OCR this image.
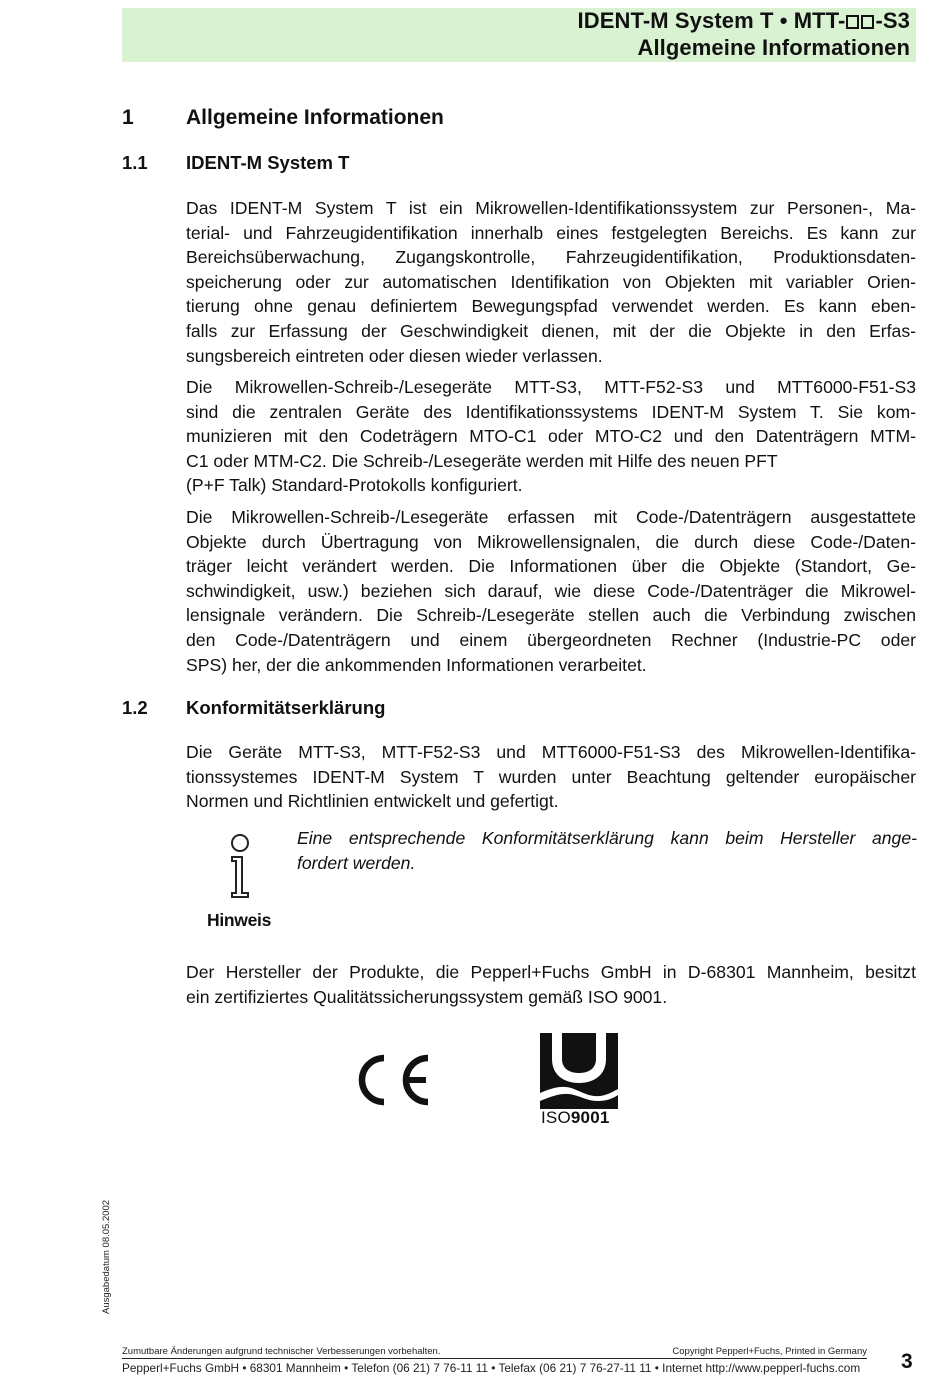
IDENT-M System T • MTT- -S3
Allgemeine Informationen
1 Allgemeine Informationen
1.1 IDENT-M System T

Das IDENT-M System T ist ein Mikrowellen-Identifikationssystem zur Personen-, Ma-
terial- und Fahrzeugidentifikation innerhalb eines festgelegten Bereichs. Es kann zur
Bereichsüberwachung, Zugangskontrolle, Fahrzeugidentifikation, Produktionsdaten-
speicherung oder zur automatischen Identifikation von Objekten mit variabler Orien-
tierung ohne genau definiertem Bewegungspfad verwendet werden. Es kann eben-
falls zur Erfassung der Geschwindigkeit dienen, mit der die Objekte in den Erfas-
sungsbereich eintreten oder diesen wieder verlassen.

Die Mikrowellen-Schreib-/Lesegeräte MTT-S3, MTT-F52-S3 und MTT6000-F51-S3
sind die zentralen Geräte des Identifikationssystems IDENT-M System T. Sie kom-
munizieren mit den Codeträgern MTO-C1 oder MTO-C2 und den Datenträgern MTM-
C1 oder MTM-C2. Die Schreib-/Lesegeräte werden mit Hilfe des neuen PFT
(P+F Talk) Standard-Protokolls konfiguriert.

Die Mikrowellen-Schreib-/Lesegeräte erfassen mit Code-/Datenträgern ausgestattete
Objekte durch Übertragung von Mikrowellensignalen, die durch diese Code-/Daten-
träger leicht verändert werden. Die Informationen über die Objekte (Standort, Ge-
schwindigkeit, usw.) beziehen sich darauf, wie diese Code-/Datenträger die Mikrowel-
lensignale verändern. Die Schreib-/Lesegeräte stellen auch die Verbindung zwischen
den Code-/Datenträgern und einem übergeordneten Rechner (Industrie-PC oder
SPS) her, der die ankommenden Informationen verarbeitet.

1.2 Konformitätserklärung

Die Geräte MTT-S3, MTT-F52-S3 und MTT6000-F51-S3 des Mikrowellen-Identifika-
tionssystemes IDENT-M System T wurden unter Beachtung geltender europäischer
Normen und Richtlinien entwickelt und gefertigt.

Hinweis

Eine entsprechende Konformitätserklärung kann beim Hersteller ange-
fordert werden.

Der Hersteller der Produkte, die Pepperl+Fuchs GmbH in D-68301 Mannheim, besitzt
ein zertifiziertes Qualitätssicherungssystem gemäß ISO 9001.

ISO9001
Ausgabedatum 08.05.2002
Zumutbare Änderungen aufgrund technischer Verbesserungen vorbehalten.	Copyright Pepperl+Fuchs, Printed in Germany
Pepperl+Fuchs GmbH • 68301 Mannheim • Telefon (06 21) 7 76-11 11 • Telefax (06 21) 7 76-27-11 11 • Internet http://www.pepperl-fuchs.com 3
